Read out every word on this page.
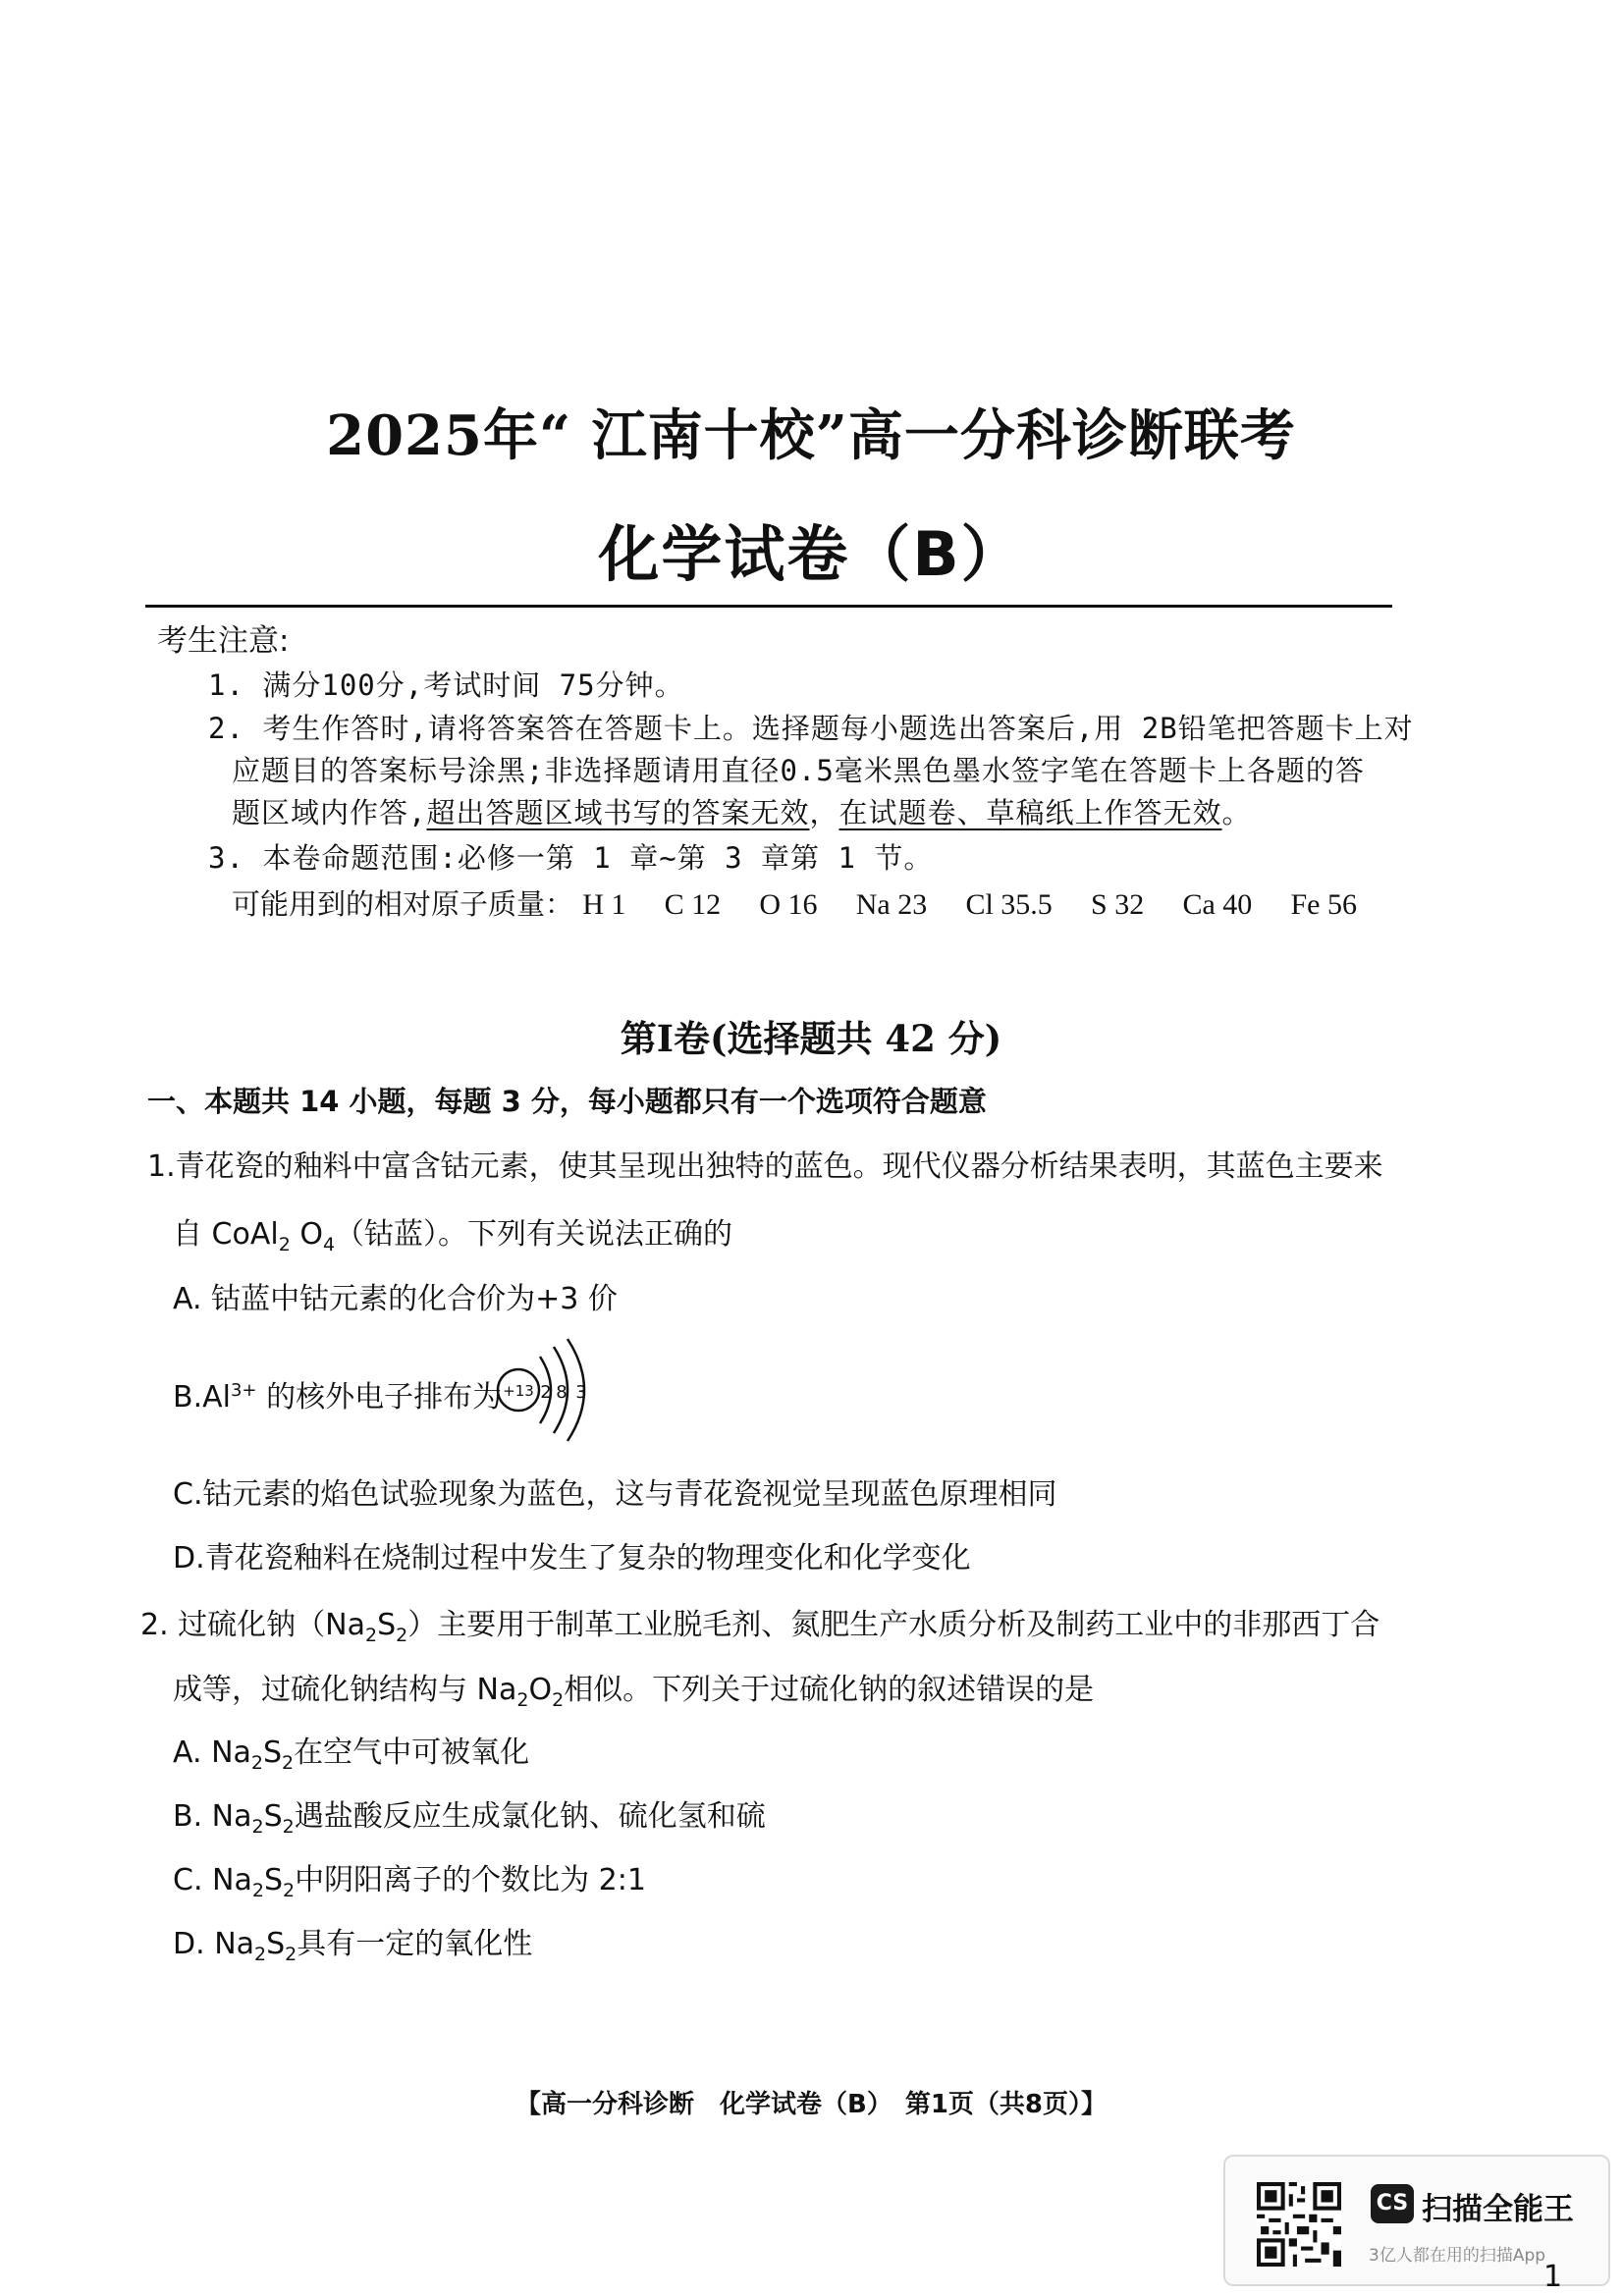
2025年“ 江南十校”高一分科诊断联考
化学试卷（B）
考生注意:
1. 满分100分,考试时间 75分钟。
2. 考生作答时,请将答案答在答题卡上。选择题每小题选出答案后,用 2B铅笔把答题卡上对
应题目的答案标号涂黑;非选择题请用直径0.5毫米黑色墨水签字笔在答题卡上各题的答
题区域内作答,超出答题区域书写的答案无效，在试题卷、草稿纸上作答无效。
3. 本卷命题范围:必修一第 1 章~第 3 章第 1 节。
可能用到的相对原子质量： H 1 C 12 O 16 Na 23 Cl 35.5 S 32 Ca 40 Fe 56
第I卷(选择题共 42 分)
一、本题共 14 小题，每题 3 分，每小题都只有一个选项符合题意
1.青花瓷的釉料中富含钴元素，使其呈现出独特的蓝色。现代仪器分析结果表明，其蓝色主要来
自 CoAl$_2$ $O_4$（钴蓝）。下列有关说法正确的
A. 钴蓝中钴元素的化合价为+3 价
$B.Al^{3+}$ 的核外电子排布为 +13 2 8 3
C.钴元素的焰色试验现象为蓝色，这与青花瓷视觉呈现蓝色原理相同
D.青花瓷釉料在烧制过程中发生了复杂的物理变化和化学变化
2. 过硫化钠$(Na_2S_2)$主要用于制革工业脱毛剂、氮肥生产水质分析及制药工业中的非那西丁合
成等，过硫化钠结构与 $Na_2O_2$相似。下列关于过硫化钠的叙述错误的是
A. $Na_2S_2$在空气中可被氧化
B. $Na_2S_2$遇盐酸反应生成氯化钠、硫化氢和硫
C. $Na_2S_2$中阴阳离子的个数比为 2:1
D. $Na_2S_2$具有一定的氧化性
【高一分科诊断　化学试卷（B）　第1页（共8页）】
CS 扫描全能王
3亿人都在用的扫描App
1
